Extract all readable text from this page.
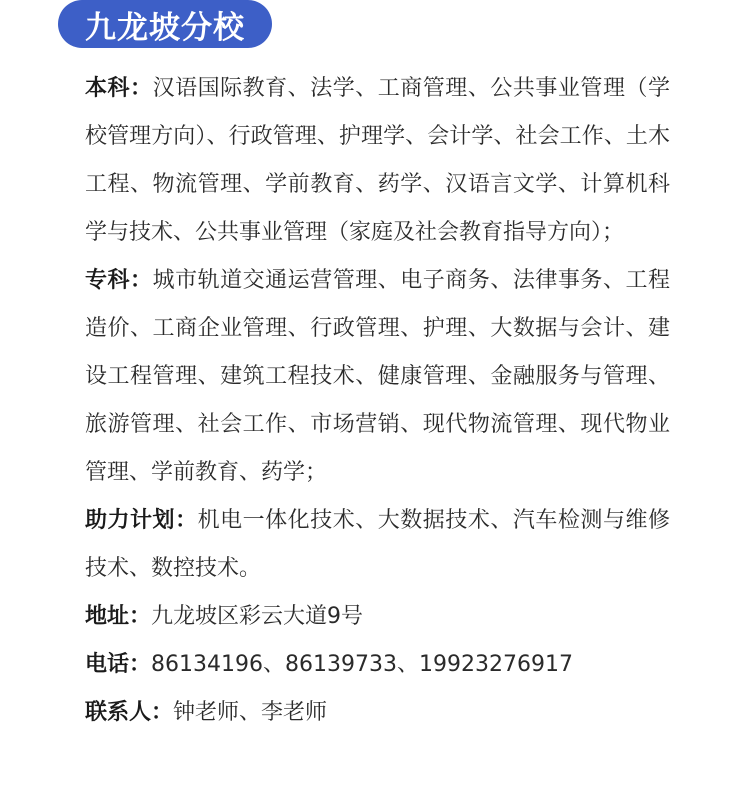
九龙坡分校

本科：汉语国际教育、法学、工商管理、公共事业管理（学校管理方向）、行政管理、护理学、会计学、社会工作、土木工程、物流管理、学前教育、药学、汉语言文学、计算机科学与技术、公共事业管理（家庭及社会教育指导方向）；

专科：城市轨道交通运营管理、电子商务、法律事务、工程造价、工商企业管理、行政管理、护理、大数据与会计、建设工程管理、建筑工程技术、健康管理、金融服务与管理、旅游管理、社会工作、市场营销、现代物流管理、现代物业管理、学前教育、药学；

助力计划：机电一体化技术、大数据技术、汽车检测与维修技术、数控技术。

地址：九龙坡区彩云大道9号

电话：86134196、86139733、19923276917

联系人：钟老师、李老师
